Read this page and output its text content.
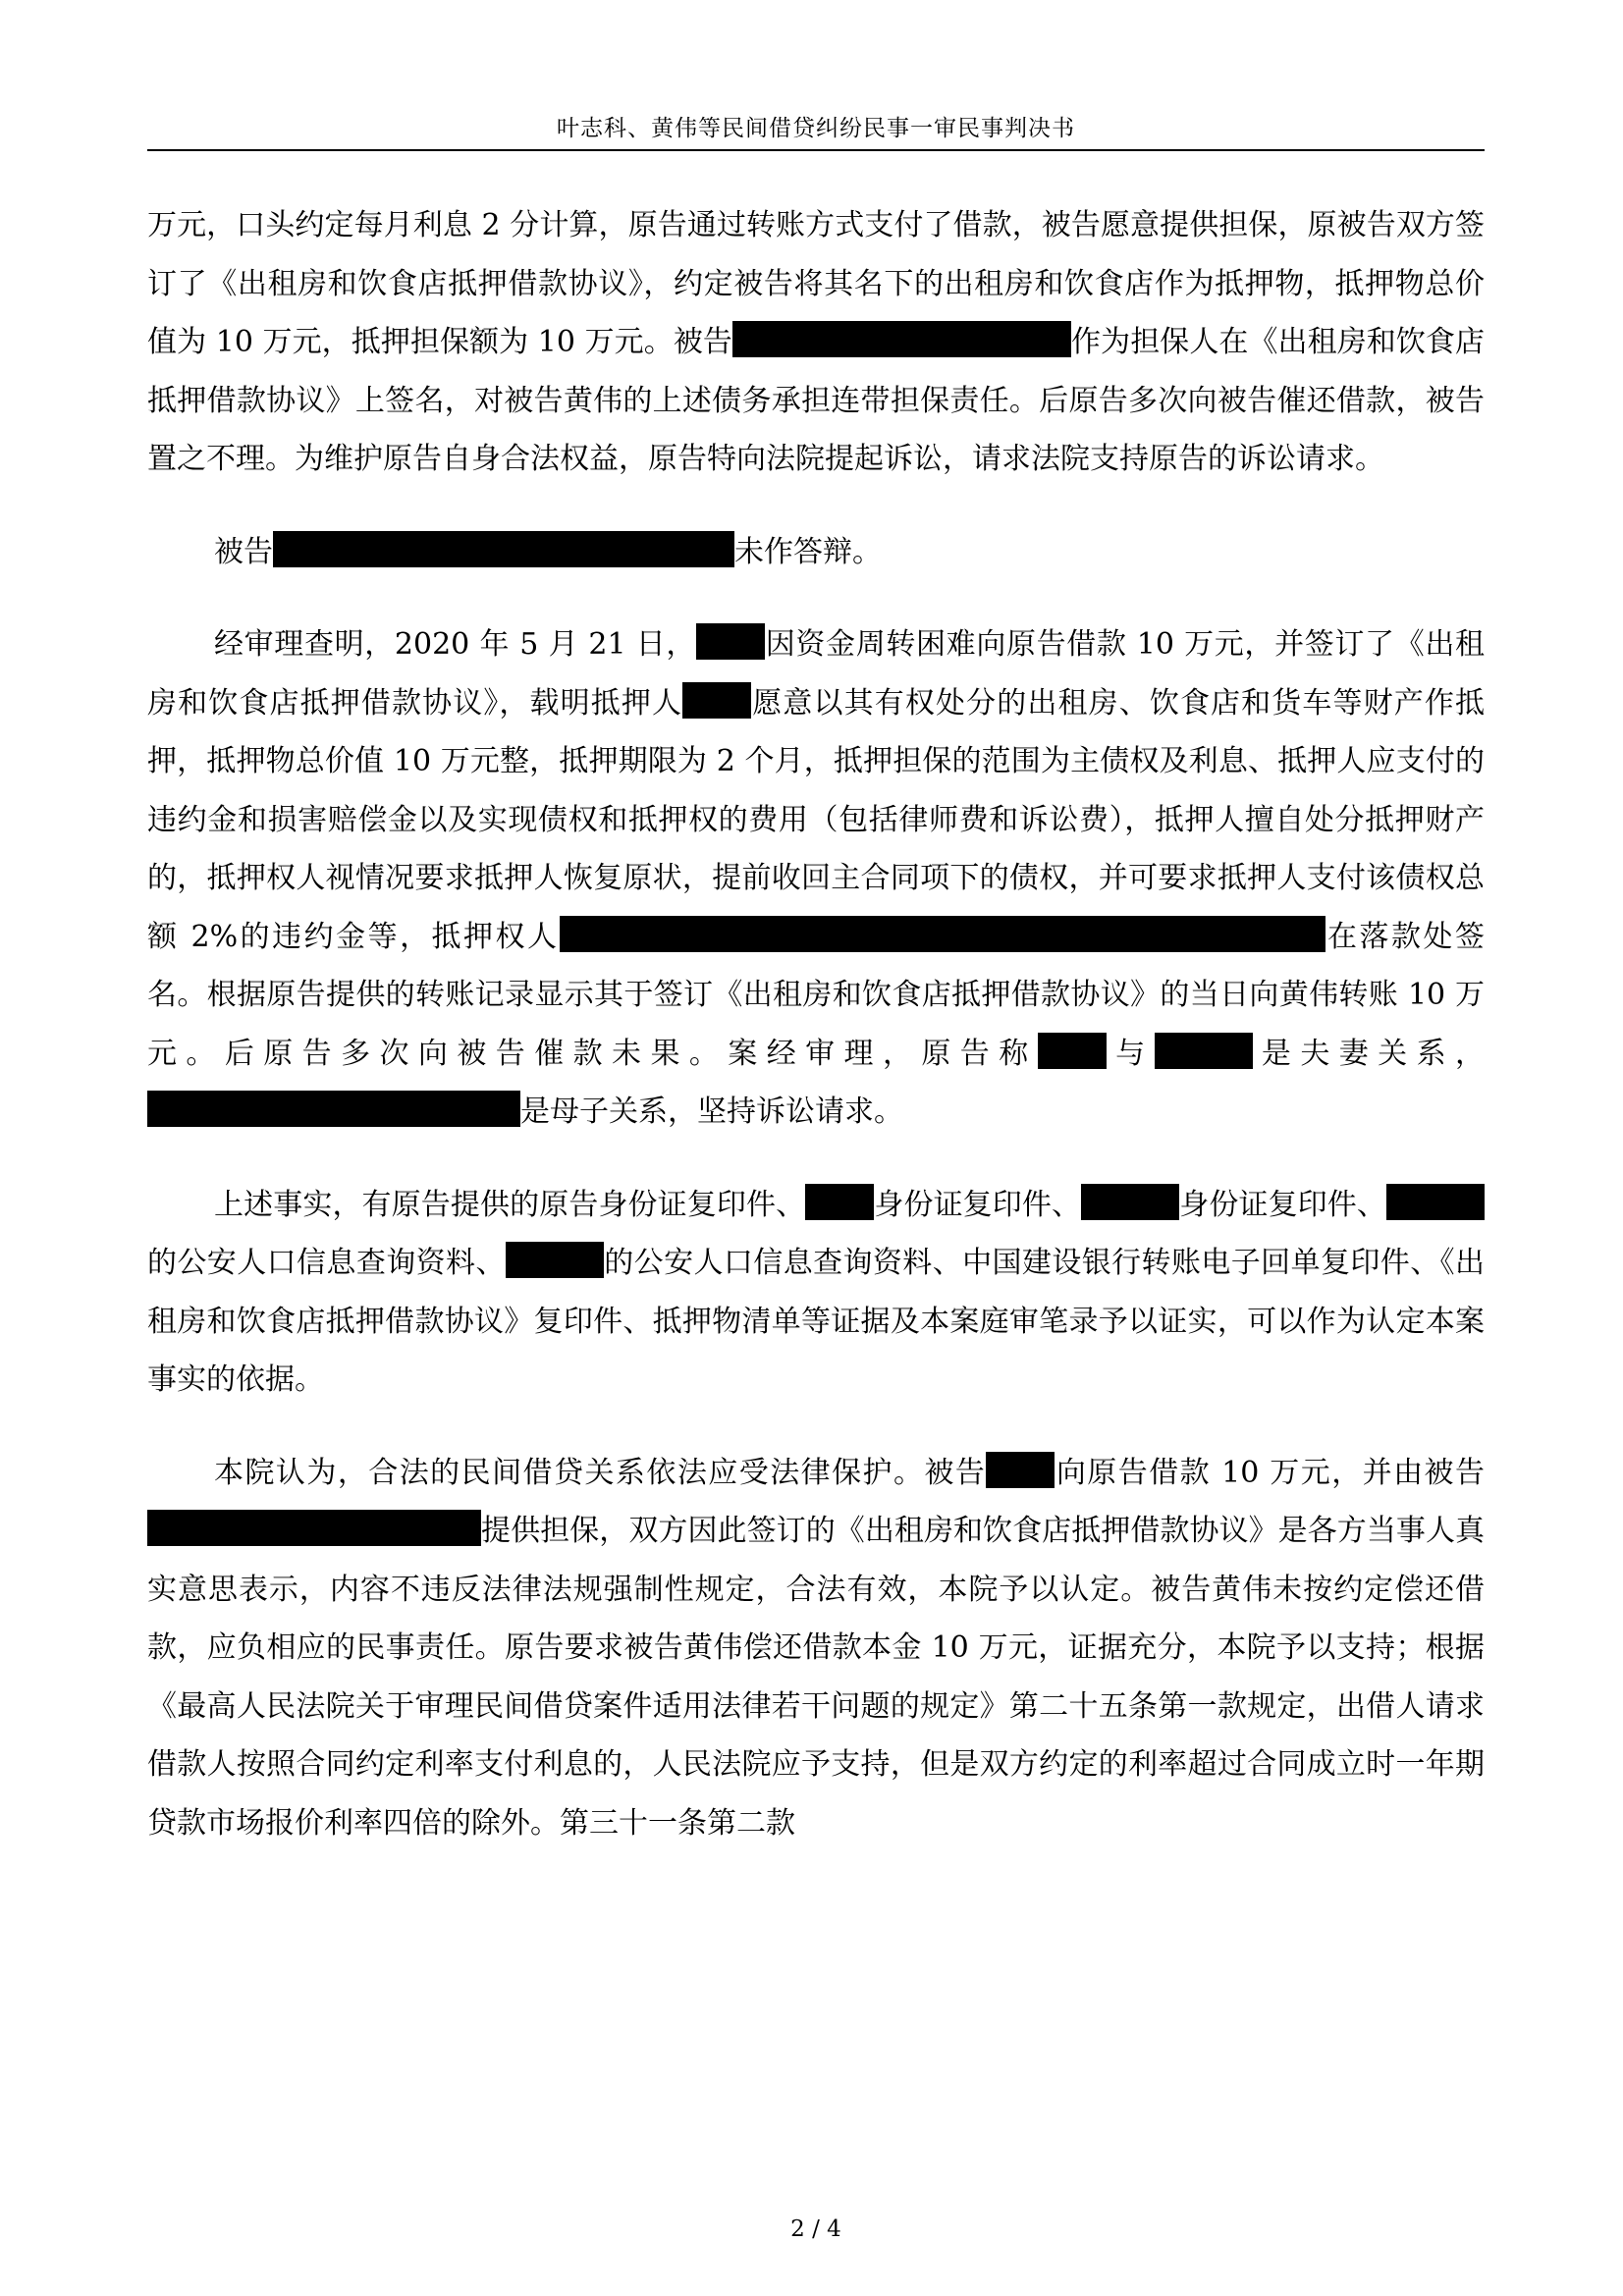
叶志科、黄伟等民间借贷纠纷民事一审民事判决书

万元，口头约定每月利息 2 分计算，原告通过转账方式支付了借款，被告愿意提供担保，原被告双方签订了《出租房和饮食店抵押借款协议》，约定被告将其名下的出租房和饮食店作为抵押物，抵押物总价值为 10 万元，抵押担保额为 10 万元。被告	作为担保人在《出租房和饮食店抵押借款协议》上签名，对被告黄伟的上述债务承担连带担保责任。后原告多次向被告催还借款，被告置之不理。为维护原告自身合法权益，原告特向法院提起诉讼，请求法院支持原告的诉讼请求。

被告	未作答辩。

经审理查明，2020 年 5 月 21 日， 因资金周转困难向原告借款 10 万元，并签订了《出租房和饮食店抵押借款协议》，载明抵押人 愿意以其有权处分的出租房、饮食店和货车等财产作抵押，抵押物总价值 10 万元整，抵押期限为 2 个月，抵押担保的范围为主债权及利息、抵押人应支付的违约金和损害赔偿金以及实现债权和抵押权的费用（包括律师费和诉讼费），抵押人擅自处分抵押财产的，抵押权人视情况要求抵押人恢复原状，提前收回主合同项下的债权，并可要求抵押人支付该债权总额 2%的违约金等，抵押权人	在落款处签名。根据原告提供的转账记录显示其于签订《出租房和饮食店抵押借款协议》的当日向黄伟转账 10 万元。后原告多次向被告催款未果。案经审理，原告称 与	是夫妻关系，是母子关系，坚持诉讼请求。

上述事实，有原告提供的原告身份证复印件、 身份证复印件、	身份证复印件、的公安人口信息查询资料、	的公安人口信息查询资料、中国建设银行转账电子回单复印件、《出租房和饮食店抵押借款协议》复印件、抵押物清单等证据及本案庭审笔录予以证实，可以作为认定本案事实的依据。

本院认为，合法的民间借贷关系依法应受法律保护。被告 向原告借款 10 万元，并由被告提供担保，双方因此签订的《出租房和饮食店抵押借款协议》是各方当事人真实意思表示，内容不违反法律法规强制性规定，合法有效，本院予以认定。被告黄伟未按约定偿还借款，应负相应的民事责任。原告要求被告黄伟偿还借款本金 10 万元，证据充分，本院予以支持；根据《最高人民法院关于审理民间借贷案件适用法律若干问题的规定》第二十五条第一款规定，出借人请求借款人按照合同约定利率支付利息的，人民法院应予支持，但是双方约定的利率超过合同成立时一年期贷款市场报价利率四倍的除外。第三十一条第二款

2 / 4
